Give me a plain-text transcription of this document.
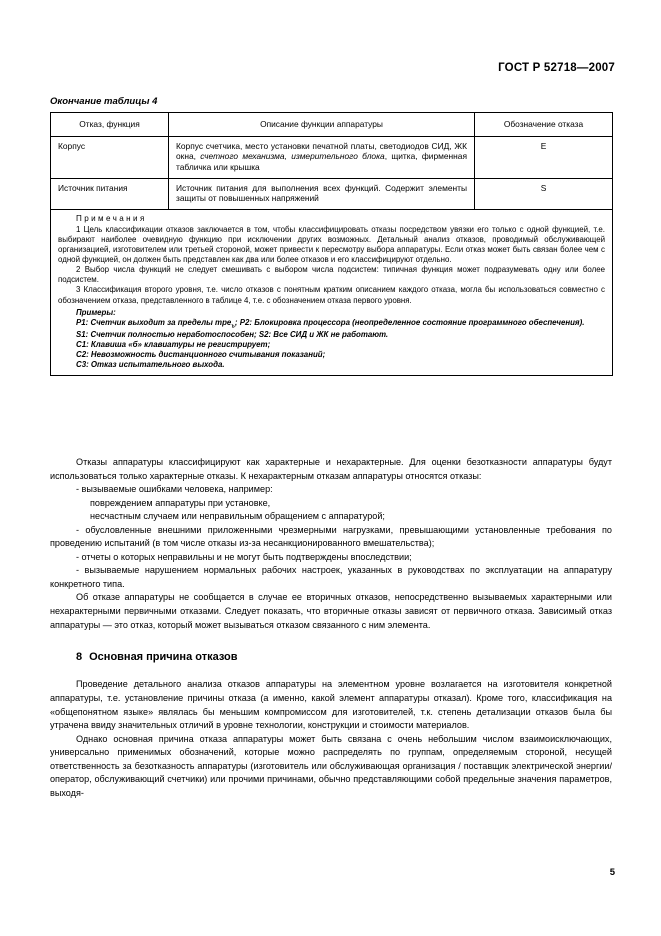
ГОСТ Р 52718—2007
Окончание таблицы 4
Отказ, функция	Описание функции аппаратуры	Обозначение отказа
Корпус	Корпус счетчика, место установки печатной платы, светодиодов СИД, ЖК окна, счетного механизма, измерительного блока, щитка, фирменная табличка или крышка	E
Источник питания	Источник питания для выполнения всех функций. Содержит элементы защиты от повышенных напряжений	S

Примечания

1 Цель классификации отказов заключается в том, чтобы классифицировать отказы посредством увязки его только с одной функцией, т.е. выбирают наиболее очевидную функцию при исключении других возможных. Детальный анализ отказов, проводимый обслуживающей организацией, изготовителем или третьей стороной, может привести к пересмотру выбора аппаратуры. Если отказ может быть связан более чем с одной функцией, он должен быть представлен как два или более отказов и его классифицируют отдельно.

2 Выбор числа функций не следует смешивать с выбором числа подсистем: типичная функция может подразумевать одну или более подсистем.

3 Классификация второго уровня, т.е. число отказов с понятным кратким описанием каждого отказа, могла бы использоваться совместно с обозначением отказа, представленного в таблице 4, т.е. с обозначением отказа первого уровня.

Примеры:

P1: Счетчик выходит за пределы тре$_ъ$; P2: Блокировка процессора (неопределенное состояние программного обеспечения).

S1: Счетчик полностью неработоспособен; S2: Все СИД и ЖК не работают.

C1: Клавиша «б» клавиатуры не регистрирует;

C2: Невозможность дистанционного считывания показаний;

C3: Отказ испытательного выхода.

Отказы аппаратуры классифицируют как характерные и нехарактерные. Для оценки безотказности аппаратуры будут использоваться только характерные отказы. К нехарактерным отказам аппаратуры относятся отказы:

- вызываемые ошибками человека, например:

повреждением аппаратуры при установке,

несчастным случаем или неправильным обращением с аппаратурой;

- обусловленные внешними приложенными чрезмерными нагрузками, превышающими установленные требования по проведению испытаний (в том числе отказы из-за несанкционированного вмешательства);

- отчеты о которых неправильны и не могут быть подтверждены впоследствии;

- вызываемые нарушением нормальных рабочих настроек, указанных в руководствах по эксплуатации на аппаратуру конкретного типа.

Об отказе аппаратуры не сообщается в случае ее вторичных отказов, непосредственно вызываемых характерными или нехарактерными первичными отказами. Следует показать, что вторичные отказы зависят от первичного отказа. Зависимый отказ аппаратуры — это отказ, который может вызываться отказом связанного с ним элемента.

8 Основная причина отказов

Проведение детального анализа отказов аппаратуры на элементном уровне возлагается на изготовителя конкретной аппаратуры, т.е. установление причины отказа (а именно, какой элемент аппаратуры отказал). Кроме того, классификация на «общепонятном языке» являлась бы меньшим компромиссом для изготовителей, т.к. степень детализации отказов была бы утрачена ввиду значительных отличий в уровне технологии, конструкции и стоимости материалов.

Однако основная причина отказа аппаратуры может быть связана с очень небольшим числом взаимоисключающих, универсально применимых обозначений, которые можно распределять по группам, определяемым стороной, несущей ответственность за безотказность аппаратуры (изготовитель или обслуживающая организация / поставщик электрической энергии/оператор, обслуживающий счетчики) или прочими причинами, обычно представляющими собой предельные значения параметров, выходя-

5
